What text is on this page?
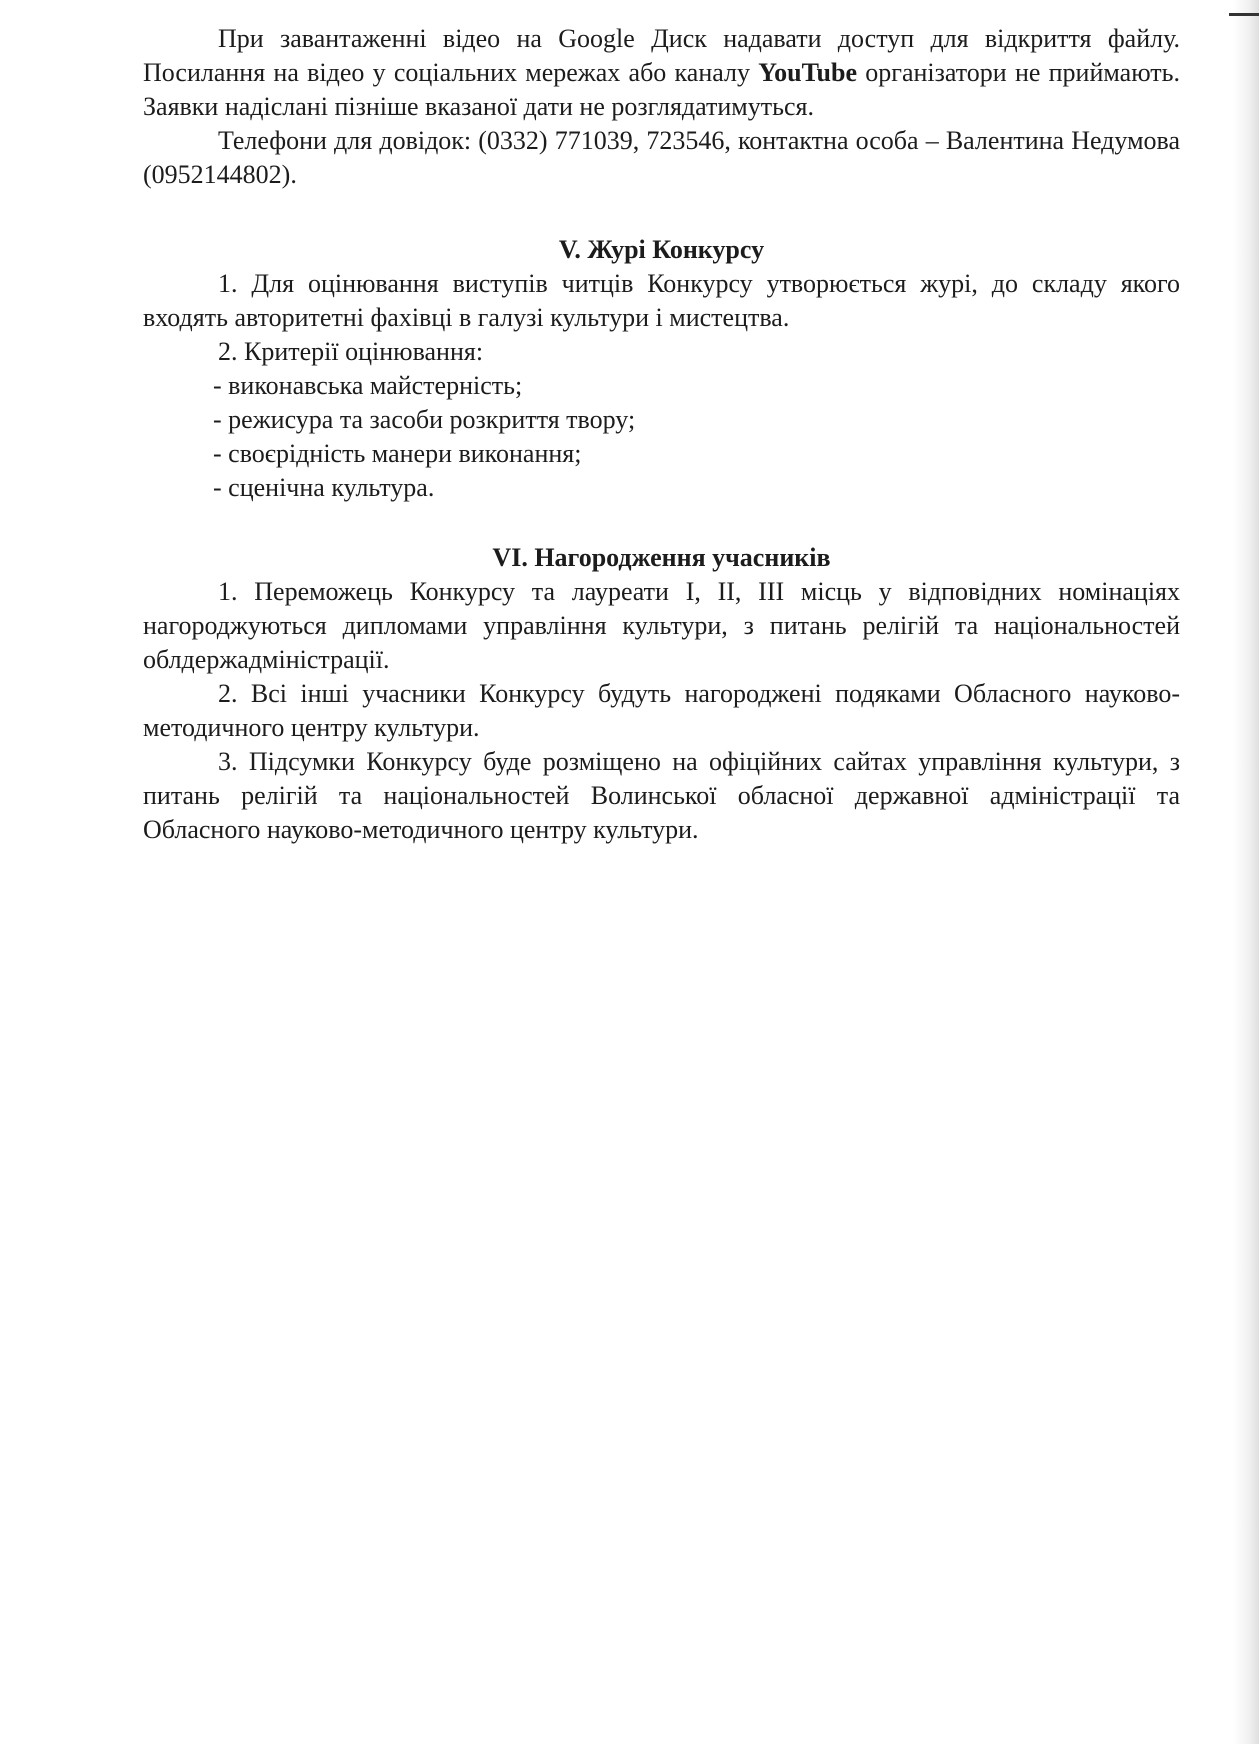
При завантаженні відео на Google Диск надавати доступ для відкриття файлу. Посилання на відео у соціальних мережах або каналу YouTube організатори не приймають. Заявки надіслані пізніше вказаної дати не розглядатимуться.

Телефони для довідок: (0332) 771039, 723546, контактна особа – Валентина Недумова (0952144802).

V. Журі Конкурсу

1. Для оцінювання виступів читців Конкурсу утворюється журі, до складу якого входять авторитетні фахівці в галузі культури і мистецтва.

2. Критерії оцінювання:

- виконавська майстерність;

- режисура та засоби розкриття твору;

- своєрідність манери виконання;

- сценічна культура.

VI. Нагородження учасників

1. Переможець Конкурсу та лауреати І, ІІ, ІІІ місць у відповідних номінаціях нагороджуються дипломами управління культури, з питань релігій та національностей облдержадміністрації.

2. Всі інші учасники Конкурсу будуть нагороджені подяками Обласного науково-методичного центру культури.

3. Підсумки Конкурсу буде розміщено на офіційних сайтах управління культури, з питань релігій та національностей Волинської обласної державної адміністрації та Обласного науково-методичного центру культури.
